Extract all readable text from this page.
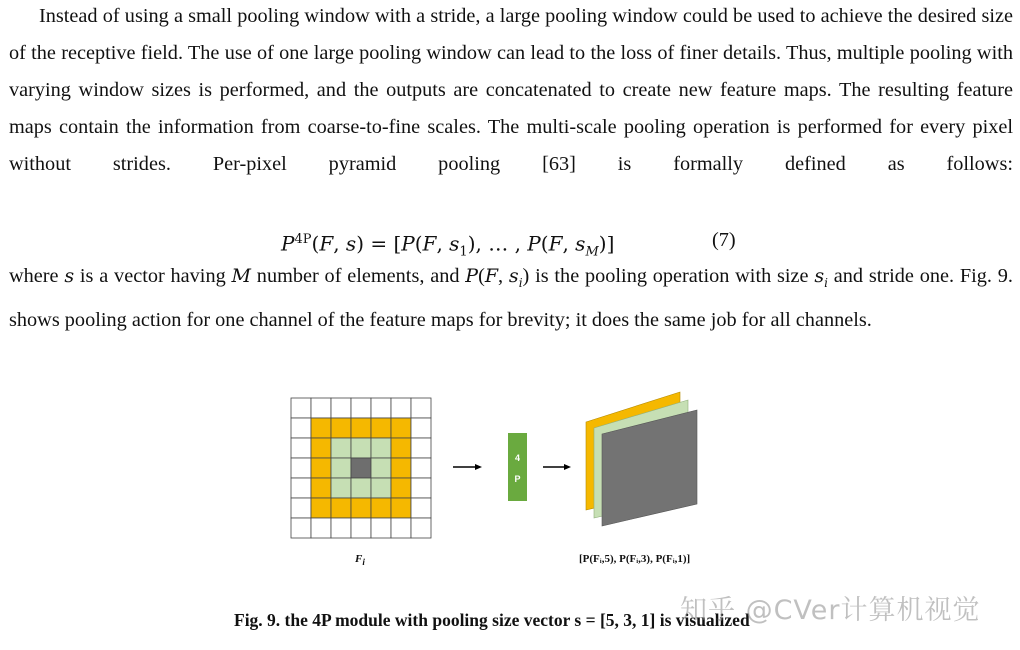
Instead of using a small pooling window with a stride, a large pooling window could be used to achieve the desired size of the receptive field. The use of one large pooling window can lead to the loss of finer details. Thus, multiple pooling with varying window sizes is performed, and the outputs are concatenated to create new feature maps. The resulting feature maps contain the information from coarse-to-fine scales. The multi-scale pooling operation is performed for every pixel without strides. Per-pixel pyramid pooling [63] is formally defined as follows:

$P^{4P}(F$, s) = [P(F, $s_1$), … , P(F, $s_M$)]	(7)

where s is a vector having M number of elements, and P(F, $s_i$) is the pooling operation with size $s_i$ and stride one. Fig. 9. shows pooling action for one channel of the feature maps for brevity; it does the same job for all channels.

4
P
$F_i$	[P(Fᵢ,5), P(Fᵢ,3), P(Fᵢ,1)]
Fig. 9. the 4P module with pooling size vector s = [5, 3, 1] is visualized
知乎 @CVer计算机视觉
